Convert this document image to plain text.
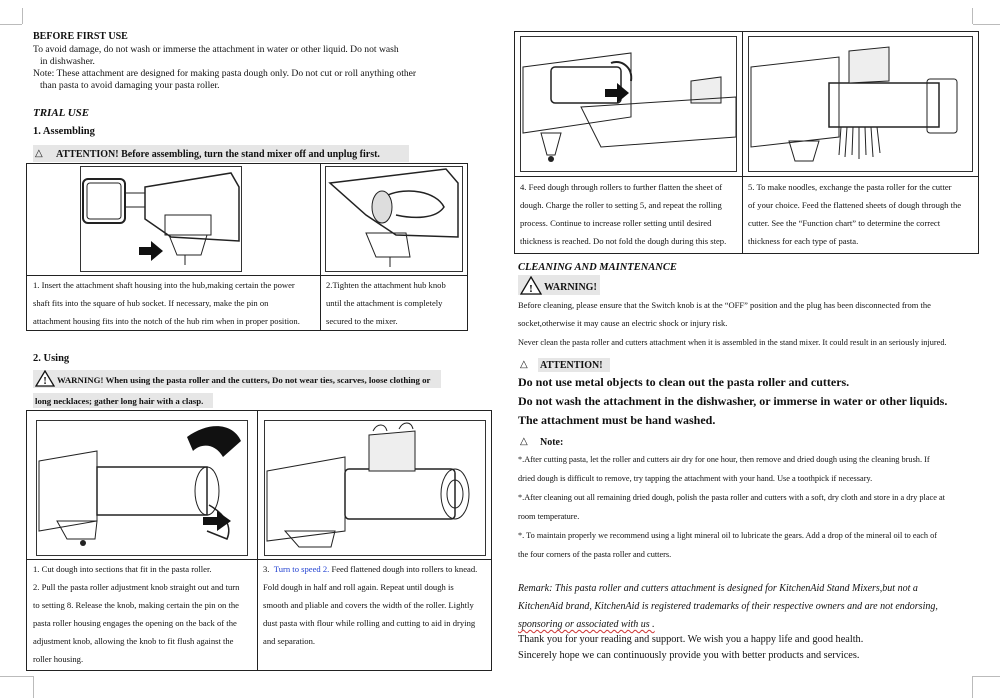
BEFORE FIRST USE
To avoid damage, do not wash or immerse the attachment in water or other liquid. Do not wash
in dishwasher.
Note: These attachment are designed for making pasta dough only. Do not cut or roll anything other
than pasta to avoid damaging your pasta roller.
TRIAL USE
1. Assembling
△ ATTENTION! Before assembling, turn the stand mixer off and unplug first.
1. Insert the attachment shaft housing into the hub,making certain the power
shaft fits into the square of hub socket. If necessary, make the pin on
attachment housing fits into the notch of the hub rim when in proper position.
2.Tighten the attachment hub knob
until the attachment is completely
secured to the mixer.
2. Using
! WARNING! When using the pasta roller and the cutters, Do not wear ties, scarves, loose clothing or
long necklaces; gather long hair with a clasp.
1. Cut dough into sections that fit in the pasta roller.
2. Pull the pasta roller adjustment knob straight out and turn
to setting 8. Release the knob, making certain the pin on the
pasta roller housing engages the opening on the back of the
adjustment knob, allowing the knob to fit flush against the
roller housing.
3. Turn to speed 2. Feed flattened dough into rollers to knead.
Fold dough in half and roll again. Repeat until dough is
smooth and pliable and covers the width of the roller. Lightly
dust pasta with flour while rolling and cutting to aid in drying
and separation.
4. Feed dough through rollers to further flatten the sheet of
dough. Charge the roller to setting 5, and repeat the rolling
process. Continue to increase roller setting until desired
thickness is reached. Do not fold the dough during this step.
5. To make noodles, exchange the pasta roller for the cutter
of your choice. Feed the flattened sheets of dough through the
cutter. See the “Function chart” to determine the correct
thickness for each type of pasta.
CLEANING AND MAINTENANCE
! WARNING!
Before cleaning, please ensure that the Switch knob is at the “OFF” position and the plug has been disconnected from the
socket,otherwise it may cause an electric shock or injury risk.
Never clean the pasta roller and cutters attachment when it is assembled in the stand mixer. It could result in an seriously injured.
△ ATTENTION!
Do not use metal objects to clean out the pasta roller and cutters.
Do not wash the attachment in the dishwasher, or immerse in water or other liquids.
The attachment must be hand washed.
△ Note:
*.After cutting pasta, let the roller and cutters air dry for one hour, then remove and dried dough using the cleaning brush. If
dried dough is difficult to remove, try tapping the attachment with your hand. Use a toothpick if necessary.
*.After cleaning out all remaining dried dough, polish the pasta roller and cutters with a soft, dry cloth and store in a dry place at
room temperature.
*. To maintain properly we recommend using a light mineral oil to lubricate the gears. Add a drop of the mineral oil to each of
the four corners of the pasta roller and cutters.
Remark: This pasta roller and cutters attachment is designed for KitchenAid Stand Mixers,but not a
KitchenAid brand, KitchenAid is registered trademarks of their respective owners and are not endorsing,
sponsoring or associated with us .
Thank you for your reading and support. We wish you a happy life and good health.
Sincerely hope we can continuously provide you with better products and services.
